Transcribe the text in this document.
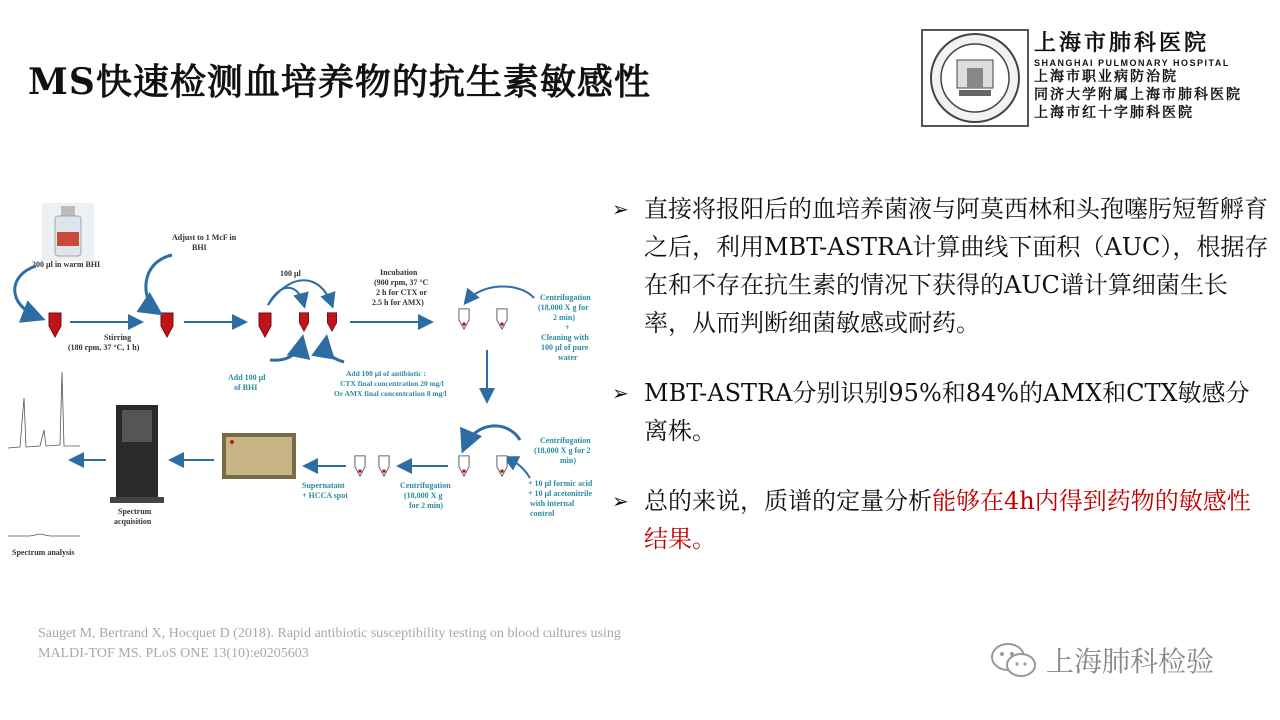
MS快速检测血培养物的抗生素敏感性
上海市肺科医院
SHANGHAI PULMONARY HOSPITAL
上海市职业病防治院
同济大学附属上海市肺科医院
上海市红十字肺科医院
200 µl in warm BHI
Adjust to 1 McF in
BHI
100 µl	Incubation
(900 rpm, 37 °C
2 h for CTX or
2.5 h for AMX)
Stirring
(180 rpm, 37 °C, 1 h)
Add 100 µl
of BHI
Add 100 µl of antibiotic :
CTX final concentration 20 mg/l
Or AMX final concentration 8 mg/l
Centrifugation
(18,000 X g for
2 min)
+
Cleaning with
100 µl of pure
water
Centrifugation
(18,000 X g for 2
min)
+ 10 µl formic acid
+ 10 µl acetonitrile
with internal
control
Centrifugation
(18,000 X g
for 2 min)
Supernatant
+ HCCA spot
Spectrum
acquisition
Spectrum analysis
➢ 直接将报阳后的血培养菌液与阿莫西林和头孢噻肟短暂孵育之后，利用MBT-ASTRA计算曲线下面积（AUC），根据存在和不存在抗生素的情况下获得的AUC谱计算细菌生长率，从而判断细菌敏感或耐药。
➢ MBT-ASTRA分别识别95%和84%的AMX和CTX敏感分离株。
➢ 总的来说，质谱的定量分析能够在4h内得到药物的敏感性结果。
Sauget M, Bertrand X, Hocquet D (2018). Rapid antibiotic susceptibility testing on blood cultures using
MALDI-TOF MS. PLoS ONE 13(10):e0205603	上海肺科检验
